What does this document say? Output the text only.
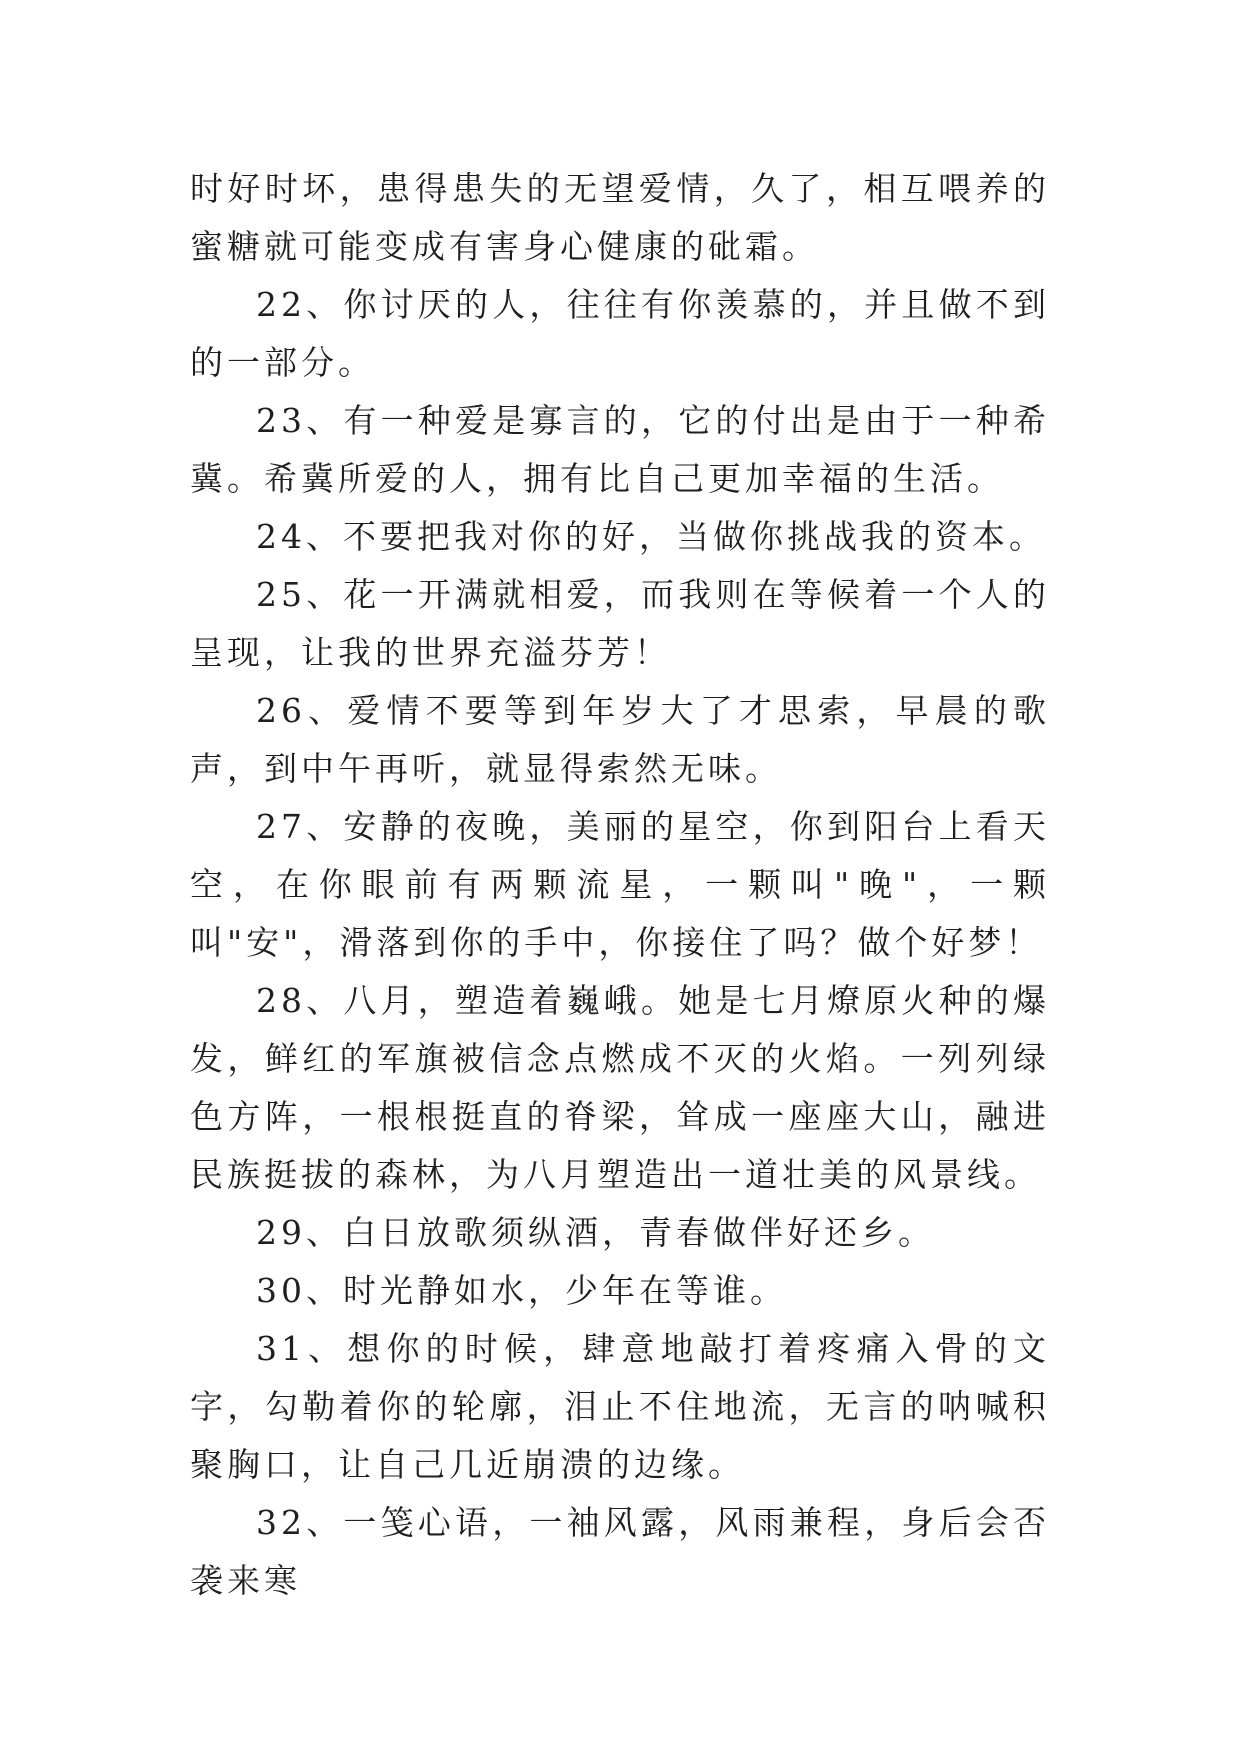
时好时坏，患得患失的无望爱情，久了，相互喂养的蜜糖就可能变成有害身心健康的砒霜。

22、你讨厌的人，往往有你羡慕的，并且做不到的一部分。

23、有一种爱是寡言的，它的付出是由于一种希冀。希冀所爱的人，拥有比自己更加幸福的生活。

24、不要把我对你的好，当做你挑战我的资本。

25、花一开满就相爱，而我则在等候着一个人的呈现，让我的世界充溢芬芳！

26、爱情不要等到年岁大了才思索，早晨的歌声，到中午再听，就显得索然无味。

27、安静的夜晚，美丽的星空，你到阳台上看天空，在你眼前有两颗流星，一颗叫"晚"，一颗叫"安"，滑落到你的手中，你接住了吗？做个好梦！

28、八月，塑造着巍峨。她是七月燎原火种的爆发，鲜红的军旗被信念点燃成不灭的火焰。一列列绿色方阵，一根根挺直的脊梁，耸成一座座大山，融进民族挺拔的森林，为八月塑造出一道壮美的风景线。

29、白日放歌须纵酒，青春做伴好还乡。

30、时光静如水，少年在等谁。

31、想你的时候，肆意地敲打着疼痛入骨的文字，勾勒着你的轮廓，泪止不住地流，无言的呐喊积聚胸口，让自己几近崩溃的边缘。

32、一笺心语，一袖风露，风雨兼程，身后会否袭来寒
